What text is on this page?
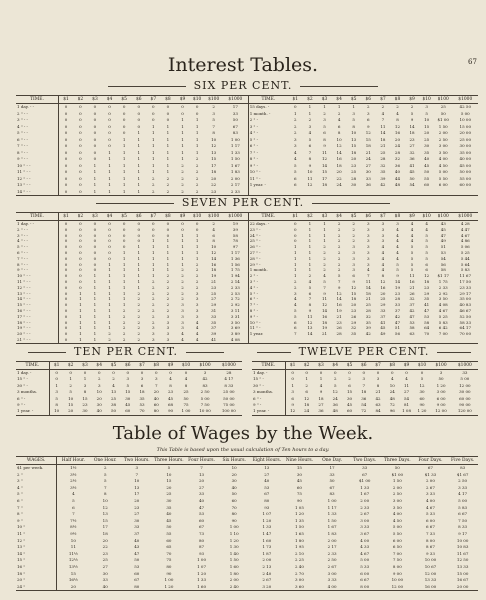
67
Interest Tables.
SIX PER CENT.
TIME.	$1	$2	$3	$4	$5	$6	$7	$8	$9	$10	$100	$1000	TIME.	$1	$2	$3	$4	$5	$6	$7	$8	$9	$10	$100	$1000
1 day. - -	0	0	0	0	0	0	0	0	0	0	2	17	15 days. -	0	1	1	1	1	2	2	2	2	3	25	42 50
2 " - -	0	0	0	0	0	0	0	0	0	0	3	33	1 month. -	1	1	2	2	3	3	4	4	5	5	50	5 00
3 " - -	0	0	0	0	0	0	0	0	1	1	5	50	2 " -	2	2	3	4	5	6	7	8	9	10	$1 00	10 00
4 " - -	0	0	0	0	0	0	1	1	1	1	7	67	3 " -	2	3	5	6	8	9	11	12	14	15	1 50	15 00
5 " - -	0	0	0	0	0	1	1	1	1	1	8	83	4 " -	2	4	6	8	10	12	14	16	18	20	2 00	20 00
6 " - -	0	0	0	0	1	1	1	1	1	1	10	1 00	5 " -	3	5	8	10	13	15	18	20	23	25	2 50	25 00
7 " - -	0	0	0	0	1	1	1	1	1	1	12	1 17	6 " -	3	6	9	12	15	18	21	24	27	30	3 00	30 00
8 " - -	0	0	0	1	1	1	1	1	1	1	13	1 33	7 " -	4	7	11	14	18	21	25	28	32	35	3 50	35 00
9 " - -	0	0	0	1	1	1	1	1	1	2	15	1 50	8 " -	4	8	12	16	20	24	28	32	36	40	4 00	40 00
10 " - -	0	0	1	1	1	1	1	1	2	2	17	1 67	9 " -	5	9	14	18	23	27	32	36	41	45	4 50	45 00
11 " - -	0	0	1	1	1	1	1	1	2	2	18	1 83	10 " -	5	10	15	20	25	30	35	40	45	50	5 00	50 00
12 " - -	0	0	1	1	1	1	2	2	2	2	20	2 00	11 " -	6	11	17	22	28	33	39	44	50	55	5 50	55 00
13 " - -	0	0	1	1	1	1	2	2	2	2	22	2 17	1 year. -	6	12	18	24	30	36	42	48	54	60	6 00	60 00
14 " - -	0	0	1	1	1	1	2	2	2	2	23	2 33													
SEVEN PER CENT.
TIME.	$1	$2	$3	$4	$5	$6	$7	$8	$9	$10	$100	$1000	TIME.	$1	$2	$3	$4	$5	$6	$7	$8	$9	$10	$100	$1000
1 day. - -	0	0	0	0	0	0	0	0	0	0	2	19	22 days. -	0	1	1	2	2	3	3	3	4	4	43	4 28
2 " - -	0	0	0	0	0	0	0	0	0	0	4	39	23 " -	0	1	1	2	2	3	3	4	4	4	45	4 47
3 " - -	0	0	0	0	0	0	0	0	1	1	6	58	24 " -	0	1	1	2	2	3	3	4	4	5	47	4 67
4 " - -	0	0	0	0	0	0	1	1	1	1	8	78	25 " -	0	1	1	2	2	3	3	4	4	5	49	4 86
5 " - -	0	0	0	0	0	1	1	1	1	1	10	97	26 " -	1	1	2	2	3	3	4	4	5	5	51	5 06
6 " - -	0	0	0	0	1	1	1	1	1	1	12	1 17	27 " -	1	1	2	2	3	3	4	4	5	5	53	5 25
7 " - -	0	0	0	0	1	1	1	1	1	1	14	1 36	28 " -	1	1	2	2	3	3	4	4	5	5	54	5 44
8 " - -	0	0	0	1	1	1	1	1	1	2	16	1 56	29 " -	1	1	2	2	3	3	4	5	5	6	56	5 64
9 " - -	0	0	0	1	1	1	1	1	2	2	18	1 75	1 month.	1	1	2	2	3	4	4	5	5	6	58	5 83
10 " - -	0	0	1	1	1	1	1	2	2	2	19	1 94	2 " -	1	2	4	5	6	7	8	9	11	12	$1 17	11 67
11 " - -	0	0	1	1	1	1	2	2	2	2	21	2 14	3 " -	2	4	5	7	9	11	12	14	16	18	1 75	17 50
12 " - -	0	0	1	1	1	1	2	2	2	2	23	2 33	4 " -	2	5	7	9	12	14	16	19	21	23	2 33	23 33
13 " - -	0	1	1	1	1	2	2	2	2	3	25	2 53	5 " -	3	6	9	12	15	18	20	23	26	29	2 92	29 17
14 " - -	0	1	1	1	1	2	2	2	2	3	27	2 72	6 " -	4	7	11	14	18	21	25	28	32	35	3 50	35 00
15 " - -	0	1	1	1	1	2	2	2	3	3	29	2 92	7 " -	4	8	12	16	20	25	29	33	37	41	4 08	40 83
16 " - -	0	1	1	1	2	2	2	2	3	3	31	3 11	8 " -	5	9	14	19	23	28	33	37	42	47	4 67	46 67
17 " - -	0	1	1	1	2	2	2	3	3	3	33	3 31	9 " -	5	11	16	21	26	32	37	42	47	53	5 25	52 50
18 " - -	0	1	1	1	2	2	2	3	3	4	35	3 50	10 " -	6	12	18	23	29	35	41	47	53	58	5 83	58 33
19 " - -	0	1	1	1	2	2	3	3	3	4	37	3 69	11 " -	6	13	19	26	32	39	45	51	58	64	6 42	64 17
20 " - -	0	1	1	2	2	2	3	3	4	4	39	3 89	1 year.	7	14	21	28	35	42	49	56	63	70	7 00	70 00
21 " - -	0	1	1	2	2	2	3	3	4	4	41	4 08													
TEN PER CENT.	TWELVE PER CENT.
TIME.	$1	$2	$3	$4	$5	$6	$7	$8	$9	$10	$100	$1000
1 day. -	0	0	0	0	0	0	0	0	0	0	3	28
15 " -	0	1	1	2	2	3	3	3	4	4	42	4 17
30 " -	1	2	3	3	4	5	6	7	8	8	83	8 33
3 months.	3	5	8	10	13	15	18	20	23	25	2 50	25 00
6 " -	5	10	15	20	25	30	35	40	45	50	5 00	50 00
9 " -	8	15	23	30	38	45	53	60	68	75	7 50	75 00
1 year. -	10	20	30	40	50	60	70	80	90	1 00	10 00	100 00
TIME.	$1	$2	$3	$4	$5	$6	$7	$8	$9	$10	$100	$1000
1 day. -	0	0	0	0	0	0	0	0	0	0	3	33
15 " -	0	1	1	2	2	3	3	4	4	5	50	5 00
30 " -	1	2	4	5	6	7	8	10	11	12	1 20	12 00
3 months.	3	6	9	12	15	18	21	24	27	30	3 00	30 00
6 " -	6	12	18	24	30	36	42	48	54	60	6 00	60 00
9 " -	9	18	27	36	45	54	63	72	81	90	9 00	90 00
1 year. -	12	24	36	48	60	72	84	96	1 08	1 20	12 00	120 00
Table of Wages by the Week.
This Table is based upon the usual calculation of Ten hours to a day.
WAGES.	Half Hour.	One Hour.	Two Hours.	Three Hours.	Four Hours.	Six Hours.	Eight Hours.	Nine Hours.	One Day.	Two Days.	Three Days.	Four Days.	Five Days.
$1 per week.	1½	2	3	5	7	10	13	15	17	33	50	67	83
2 "	3½	5	7	10	13	20	27	30	33	67	$1 00	$1 33	$1 67
3 "	2½	5	10	15	20	30	40	45	50	$1 00	1 50	2 00	2 50
4 "	3½	7	13	20	27	40	53	60	67	1 33	2 00	2 67	3 33
5 "	4	8	17	25	33	50	67	75	83	1 67	2 50	3 33	4 17
6 "	5	10	20	30	40	60	80	90	1 00	2 00	3 00	4 00	5 00
7 "	6	12	23	35	47	70	93	1 05	1 17	2 33	3 50	4 67	5 83
8 "	7	13	27	40	53	80	1 07	1 20	1 33	2 67	4 00	5 33	6 67
9 "	7½	15	30	45	60	90	1 20	1 35	1 50	3 00	4 50	6 00	7 50
10 "	8½	17	33	50	67	1 00	1 33	1 50	1 67	3 33	5 00	6 67	8 33
11 "	9½	18	37	55	73	1 10	1 47	1 65	1 83	3 67	5 50	7 33	9 17
12 "	10	20	40	60	80	1 20	1 60	1 80	2 00	4 00	6 00	8 00	10 00
13 "	11	22	43	65	87	1 30	1 73	1 95	2 17	4 33	6 50	8 67	10 83
14 "	11½	23	47	70	93	1 40	1 87	2 10	2 33	4 67	7 00	9 33	11 67
15 "	12½	25	50	75	1 00	1 50	2 00	2 25	2 50	5 00	7 50	10 00	12 50
16 "	13½	27	53	80	1 07	1 60	2 13	2 40	2 67	5 33	8 00	10 67	13 33
18 "	15	30	60	90	1 20	1 80	2 40	2 70	3 00	6 00	9 00	12 00	15 00
20 "	16½	33	67	1 00	1 33	2 00	2 67	3 00	3 33	6 67	10 00	13 33	16 67
24 "	20	40	80	1 20	1 60	2 40	3 20	3 60	4 00	8 00	12 00	16 00	20 00
